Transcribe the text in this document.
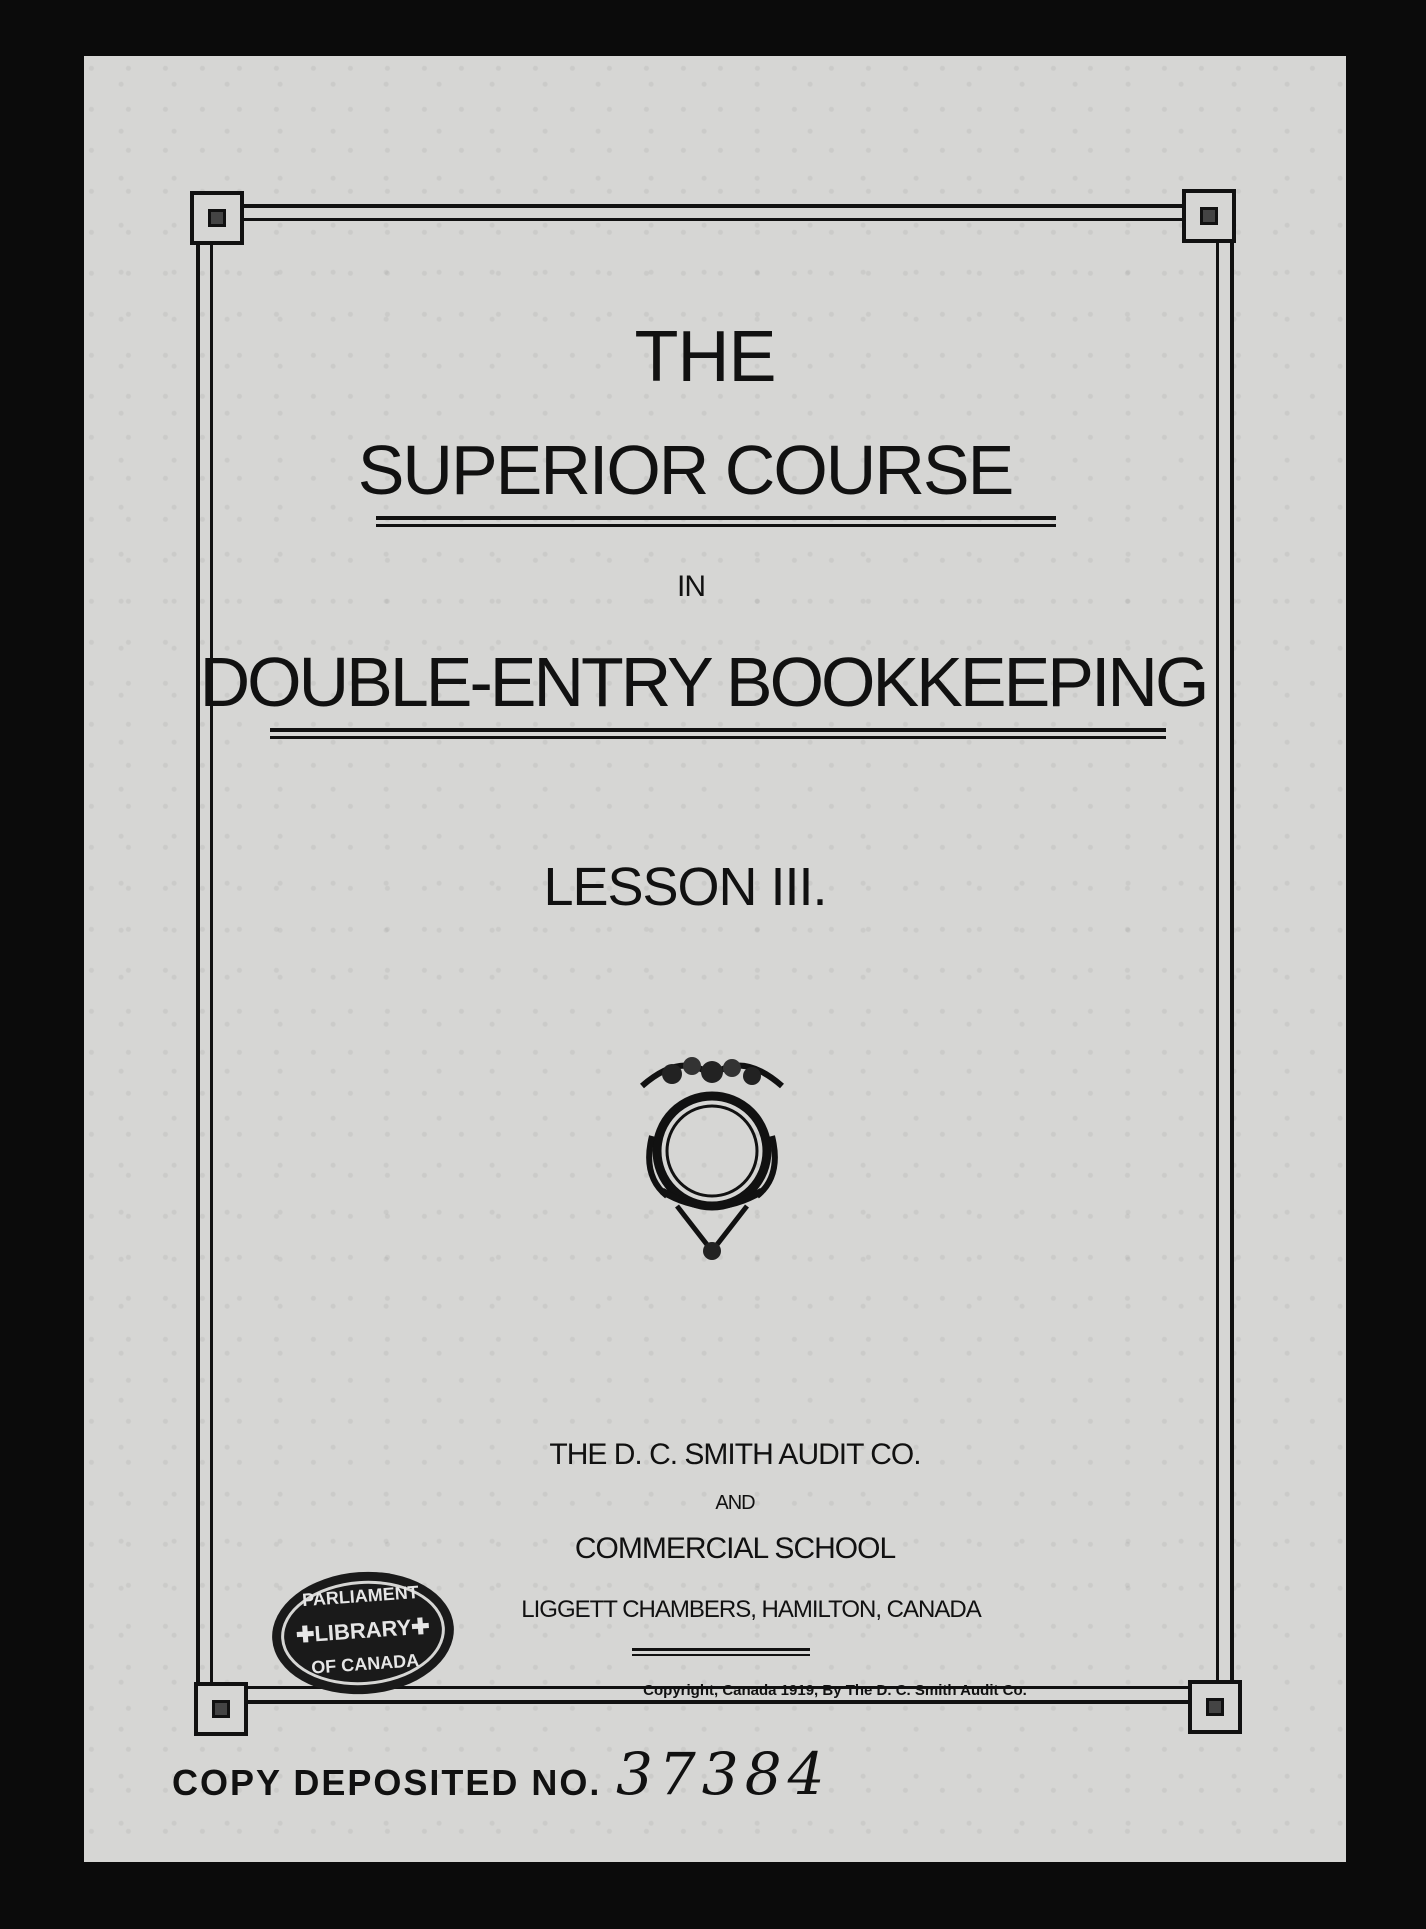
THE
SUPERIOR COURSE
IN
DOUBLE-ENTRY BOOKKEEPING
LESSON III.
THE D. C. SMITH AUDIT CO.
AND
COMMERCIAL SCHOOL
LIGGETT CHAMBERS, HAMILTON, CANADA
Copyright, Canada 1919, By The D. C. Smith Audit Co.
COPY DEPOSITED NO. 37384
PARLIAMENT
✚LIBRARY✚
OF CANADA
